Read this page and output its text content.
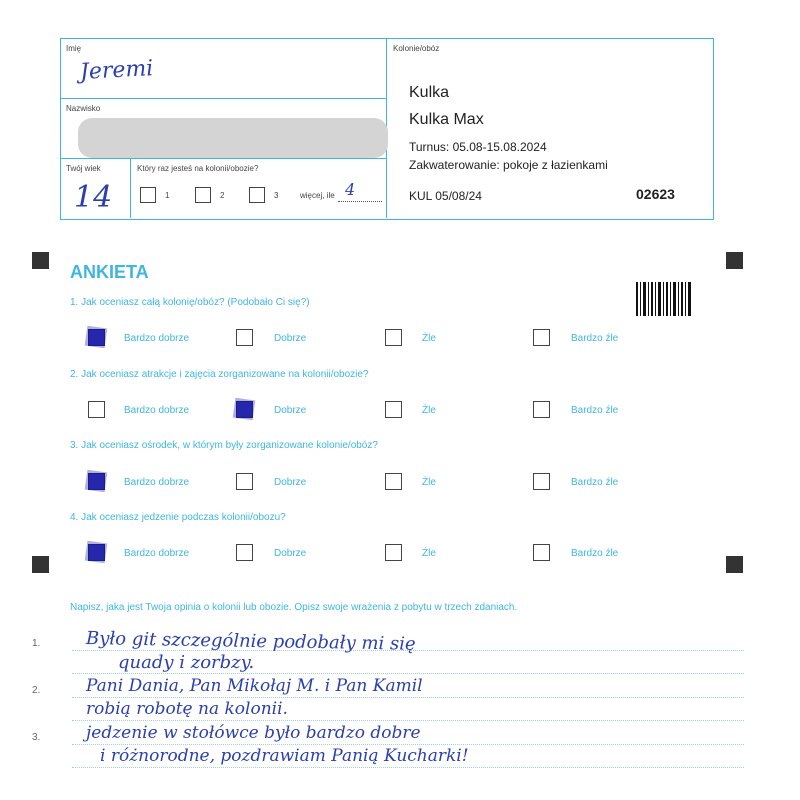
Imię
Jeremi
Nazwisko
Twój wiek
14
Który raz jesteś na kolonii/obozie?
1	2	3	więcej, ile 4
Kolonie/obóz
Kulka
Kulka Max
Turnus: 05.08-15.08.2024
Zakwaterowanie: pokoje z łazienkami
KUL 05/08/24	02623
ANKIETA
1. Jak oceniasz całą kolonię/obóz? (Podobało Ci się?)
Bardzo dobrze	Dobrze	Źle	Bardzo źle
2. Jak oceniasz atrakcje i zajęcia zorganizowane na kolonii/obozie?
Bardzo dobrze	Dobrze	Źle	Bardzo źle
3. Jak oceniasz ośrodek, w którym były zorganizowane kolonie/obóz?
Bardzo dobrze	Dobrze	Źle	Bardzo źle
4. Jak oceniasz jedzenie podczas kolonii/obozu?
Bardzo dobrze	Dobrze	Źle	Bardzo źle
Napisz, jaka jest Twoja opinia o kolonii lub obozie. Opisz swoje wrażenia z pobytu w trzech zdaniach.
1.
2.
3.
Było git szczególnie podobały mi się
quady i zorbzy.
Pani Dania, Pan Mikołaj M. i Pan Kamil
robią robotę na kolonii.
jedzenie w stołówce było bardzo dobre
i różnorodne, pozdrawiam Panią Kucharki!
